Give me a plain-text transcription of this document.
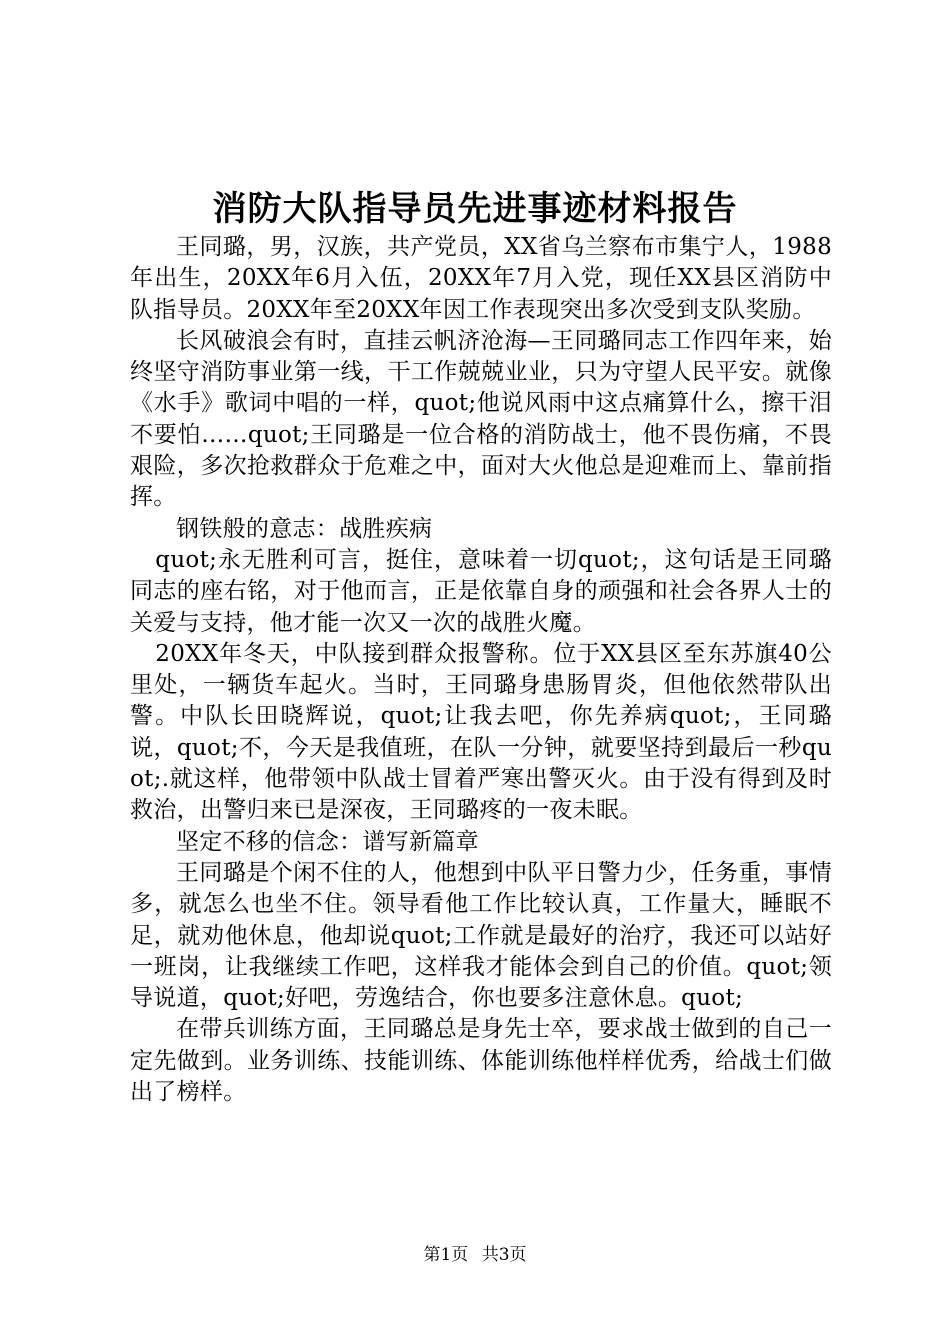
消防大队指导员先进事迹材料报告

王同璐，男，汉族，共产党员，XX省乌兰察布市集宁人，1988年出生，20XX年6月入伍，20XX年7月入党，现任XX县区消防中队指导员。20XX年至20XX年因工作表现突出多次受到支队奖励。

长风破浪会有时，直挂云帆济沧海—王同璐同志工作四年来，始终坚守消防事业第一线，干工作兢兢业业，只为守望人民平安。就像《水手》歌词中唱的一样，quot;他说风雨中这点痛算什么，擦干泪不要怕……quot;王同璐是一位合格的消防战士，他不畏伤痛，不畏艰险，多次抢救群众于危难之中，面对大火他总是迎难而上、靠前指挥。

钢铁般的意志：战胜疾病

quot;永无胜利可言，挺住，意味着一切quot;，这句话是王同璐同志的座右铭，对于他而言，正是依靠自身的顽强和社会各界人士的关爱与支持，他才能一次又一次的战胜火魔。

20XX年冬天，中队接到群众报警称。位于XX县区至东苏旗40公里处，一辆货车起火。当时，王同璐身患肠胃炎，但他依然带队出警。中队长田晓辉说，quot;让我去吧，你先养病quot;，王同璐说，quot;不，今天是我值班，在队一分钟，就要坚持到最后一秒quot;.就这样，他带领中队战士冒着严寒出警灭火。由于没有得到及时救治，出警归来已是深夜，王同璐疼的一夜未眠。

坚定不移的信念：谱写新篇章

王同璐是个闲不住的人，他想到中队平日警力少，任务重，事情多，就怎么也坐不住。领导看他工作比较认真，工作量大，睡眠不足，就劝他休息，他却说quot;工作就是最好的治疗，我还可以站好一班岗，让我继续工作吧，这样我才能体会到自己的价值。quot;领导说道，quot;好吧，劳逸结合，你也要多注意休息。quot;

在带兵训练方面，王同璐总是身先士卒，要求战士做到的自己一定先做到。业务训练、技能训练、体能训练他样样优秀，给战士们做出了榜样。

第1页 共3页
